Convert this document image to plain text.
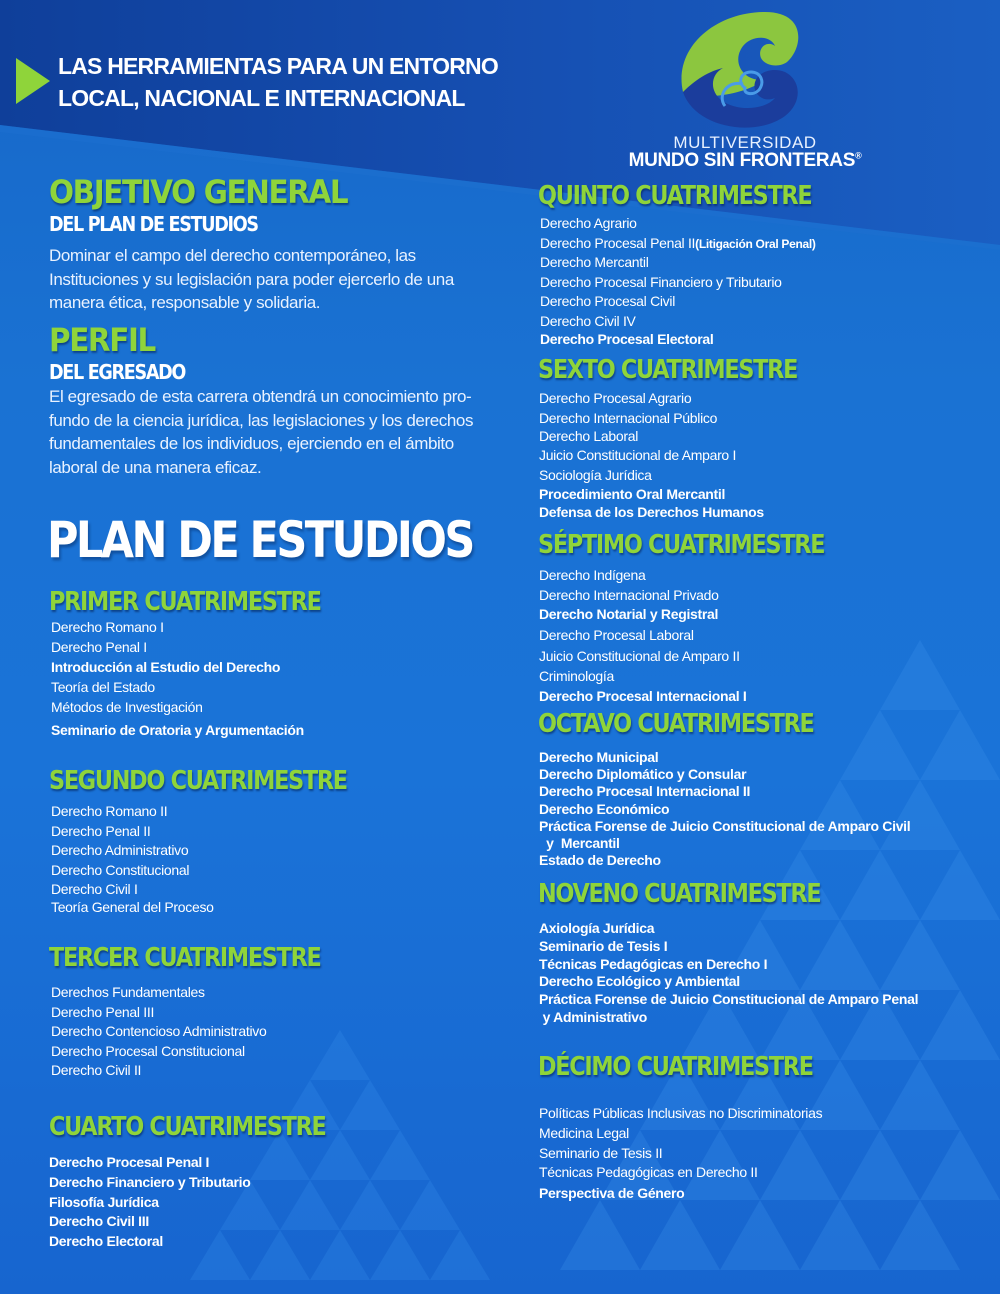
LAS HERRAMIENTAS PARA UN ENTORNO
LOCAL, NACIONAL E INTERNACIONAL
MULTIVERSIDAD
MUNDO SIN FRONTERAS®
OBJETIVO GENERAL
DEL PLAN DE ESTUDIOS
Dominar el campo del derecho contemporáneo, las
Instituciones y su legislación para poder ejercerlo de una
manera ética, responsable y solidaria.
PERFIL
DEL EGRESADO
El egresado de esta carrera obtendrá un conocimiento pro-
fundo de la ciencia jurídica, las legislaciones y los derechos
fundamentales de los individuos, ejerciendo en el ámbito
laboral de una manera eficaz.
PLAN DE ESTUDIOS
PRIMER CUATRIMESTRE
Derecho Romano I
Derecho Penal I
Introducción al Estudio del Derecho
Teoría del Estado
Métodos de Investigación
Seminario de Oratoria y Argumentación
SEGUNDO CUATRIMESTRE
Derecho Romano II
Derecho Penal II
Derecho Administrativo
Derecho Constitucional
Derecho Civil I
Teoría General del Proceso
TERCER CUATRIMESTRE
Derechos Fundamentales
Derecho Penal III
Derecho Contencioso Administrativo
Derecho Procesal Constitucional
Derecho Civil II
CUARTO CUATRIMESTRE
Derecho Procesal Penal I
Derecho Financiero y Tributario
Filosofía Jurídica
Derecho Civil III
Derecho Electoral
QUINTO CUATRIMESTRE
Derecho Agrario
Derecho Procesal Penal II(Litigación Oral Penal)
Derecho Mercantil
Derecho Procesal Financiero y Tributario
Derecho Procesal Civil
Derecho Civil IV
Derecho Procesal Electoral
SEXTO CUATRIMESTRE
Derecho Procesal Agrario
Derecho Internacional Público
Derecho Laboral
Juicio Constitucional de Amparo I
Sociología Jurídica
Procedimiento Oral Mercantil
Defensa de los Derechos Humanos
SÉPTIMO CUATRIMESTRE
Derecho Indígena
Derecho Internacional Privado
Derecho Notarial y Registral
Derecho Procesal Laboral
Juicio Constitucional de Amparo II
Criminología
Derecho Procesal Internacional I
OCTAVO CUATRIMESTRE
Derecho Municipal
Derecho Diplomático y Consular
Derecho Procesal Internacional II
Derecho Económico
Práctica Forense de Juicio Constitucional de Amparo Civil
y  Mercantil
Estado de Derecho
NOVENO CUATRIMESTRE
Axiología Jurídica
Seminario de Tesis I
Técnicas Pedagógicas en Derecho I
Derecho Ecológico y Ambiental
Práctica Forense de Juicio Constitucional de Amparo Penal
y Administrativo
DÉCIMO CUATRIMESTRE
Políticas Públicas Inclusivas no Discriminatorias
Medicina Legal
Seminario de Tesis II
Técnicas Pedagógicas en Derecho II
Perspectiva de Género
